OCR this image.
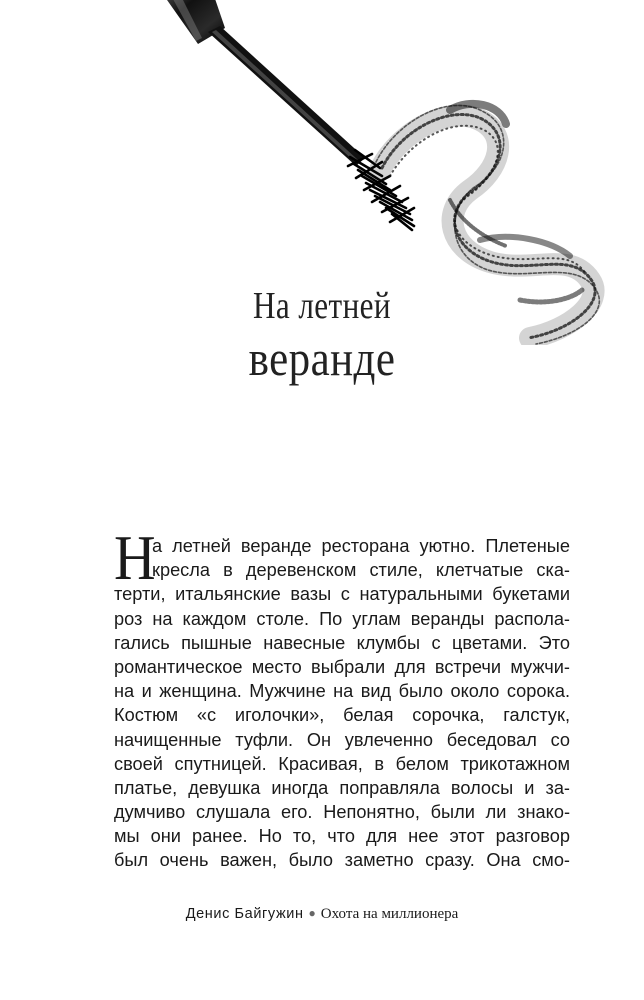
На летней
веранде
Н
а летней веранде ресторана уютно. Плетеные
кресла в деревенском стиле, клетчатые ска-
терти, итальянские вазы с натуральными букетами
роз на каждом столе. По углам веранды распола-
гались пышные навесные клумбы с цветами. Это
романтическое место выбрали для встречи мужчи-
на и женщина. Мужчине на вид было около сорока.
Костюм «с иголочки», белая сорочка, галстук,
начищенные туфли. Он увлеченно беседовал со
своей спутницей. Красивая, в белом трикотажном
платье, девушка иногда поправляла волосы и за-
думчиво слушала его. Непонятно, были ли знако-
мы они ранее. Но то, что для нее этот разговор
был очень важен, было заметно сразу. Она смо-
Денис Байгужин ● Охота на миллионера
